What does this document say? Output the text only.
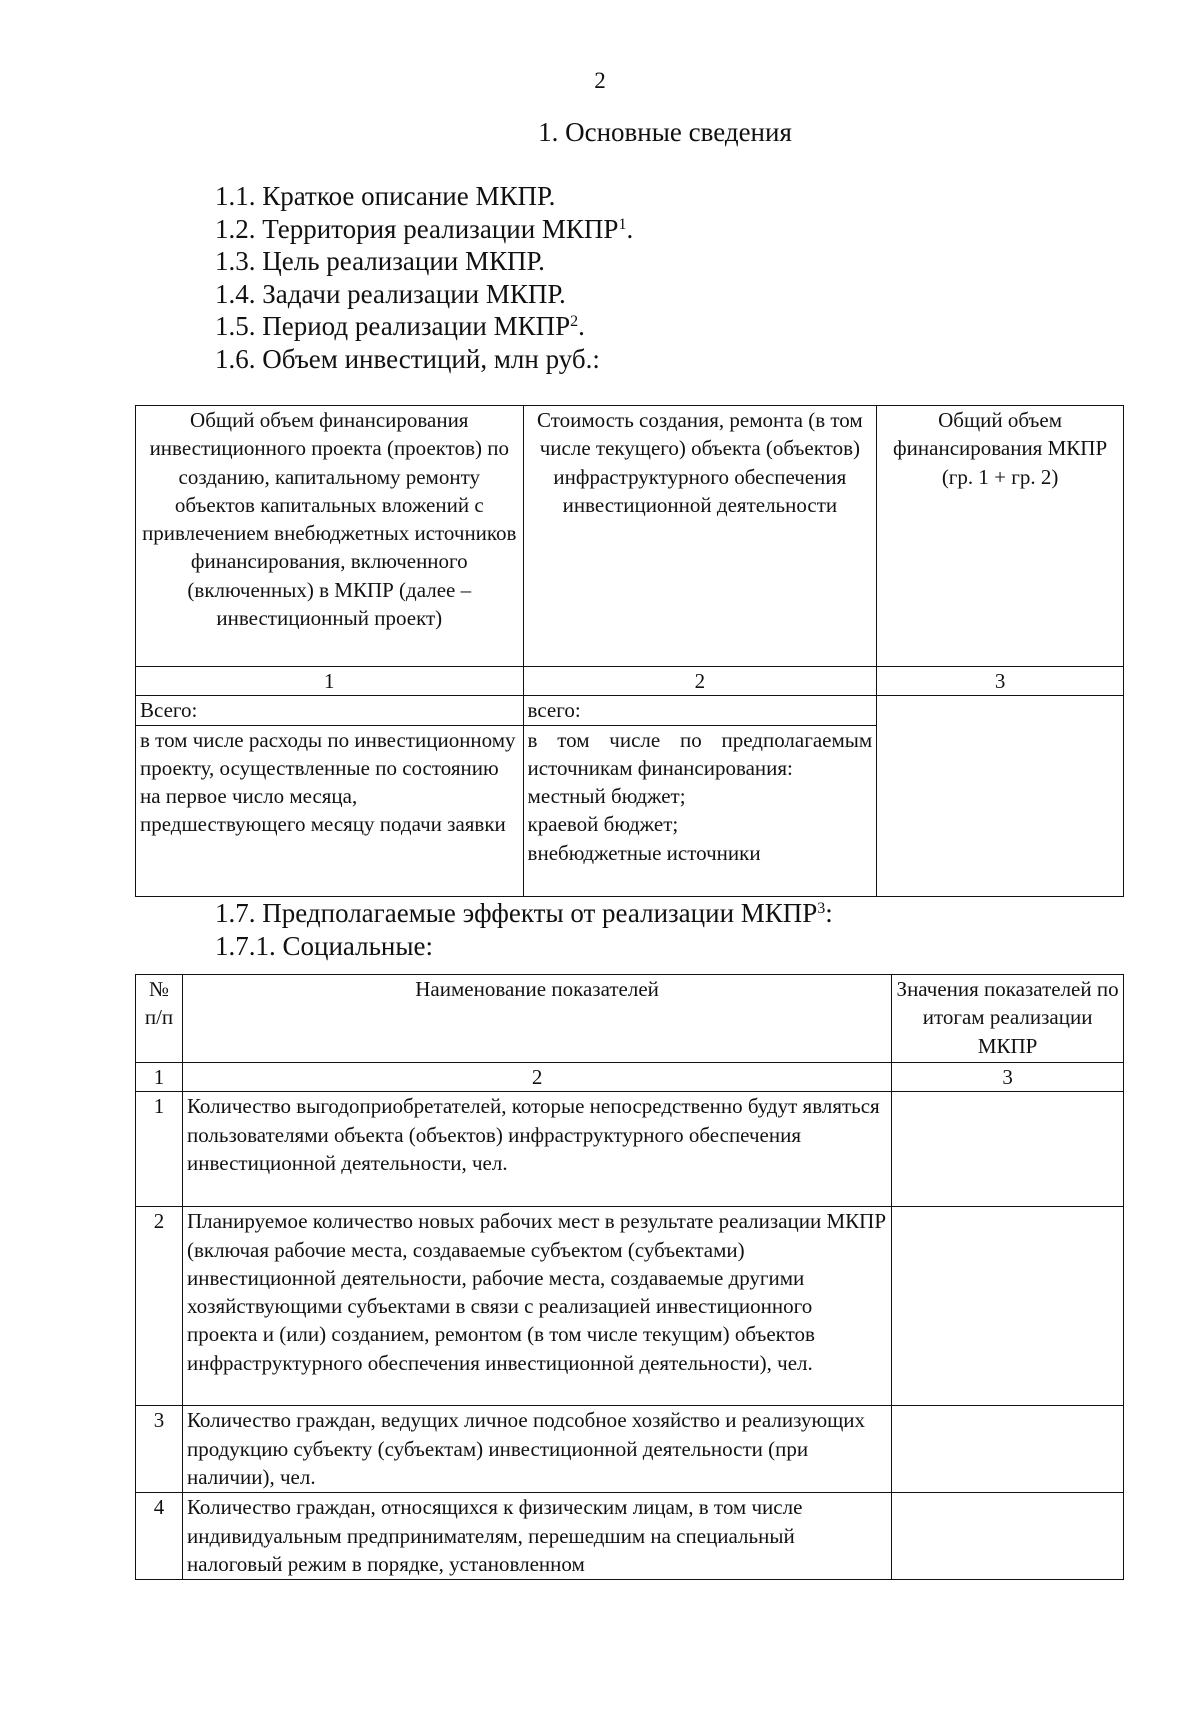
2
1. Основные сведения
1.1. Краткое описание МКПР.
1.2. Территория реализации МКПР$^1$.
1.3. Цель реализации МКПР.
1.4. Задачи реализации МКПР.
1.5. Период реализации МКПР$^2$.
1.6. Объем инвестиций, млн руб.:
Общий объем финансирования инвестиционного проекта (проектов) по созданию, капитальному ремонту объектов капитальных вложений с привлечением внебюджетных источников финансирования, включенного (включенных) в МКПР (далее – инвестиционный проект)	Стоимость создания, ремонта (в том числе текущего) объекта (объектов) инфраструктурного обеспечения инвестиционной деятельности	Общий объем финансирования МКПР (гр. 1 + гр. 2)
1	2	3
Всего:	всего:	
в том числе расходы по инвестиционному проекту, осуществленные по состоянию на первое число месяца, предшествующего месяцу подачи заявки	в том числе по предполагаемым источникам финансирования:
местный бюджет;
краевой бюджет;
внебюджетные источники	
1.7. Предполагаемые эффекты от реализации МКПР$^3$:
1.7.1. Социальные:
№ п/п	Наименование показателей	Значения показателей по итогам реализации МКПР
1	2	3
1	Количество выгодоприобретателей, которые непосредственно будут являться пользователями объекта (объектов) инфраструктурного обеспечения инвестиционной деятельности, чел.	
2	Планируемое количество новых рабочих мест в результате реализации МКПР (включая рабочие места, создаваемые субъектом (субъектами) инвестиционной деятельности, рабочие места, создаваемые другими хозяйствующими субъектами в связи с реализацией инвестиционного проекта и (или) созданием, ремонтом (в том числе текущим) объектов инфраструктурного обеспечения инвестиционной деятельности), чел.	
3	Количество граждан, ведущих личное подсобное хозяйство и реализующих продукцию субъекту (субъектам) инвестиционной деятельности (при наличии), чел.	
4	Количество граждан, относящихся к физическим лицам, в том числе индивидуальным предпринимателям, перешедшим на специальный налоговый режим в порядке, установленном	
